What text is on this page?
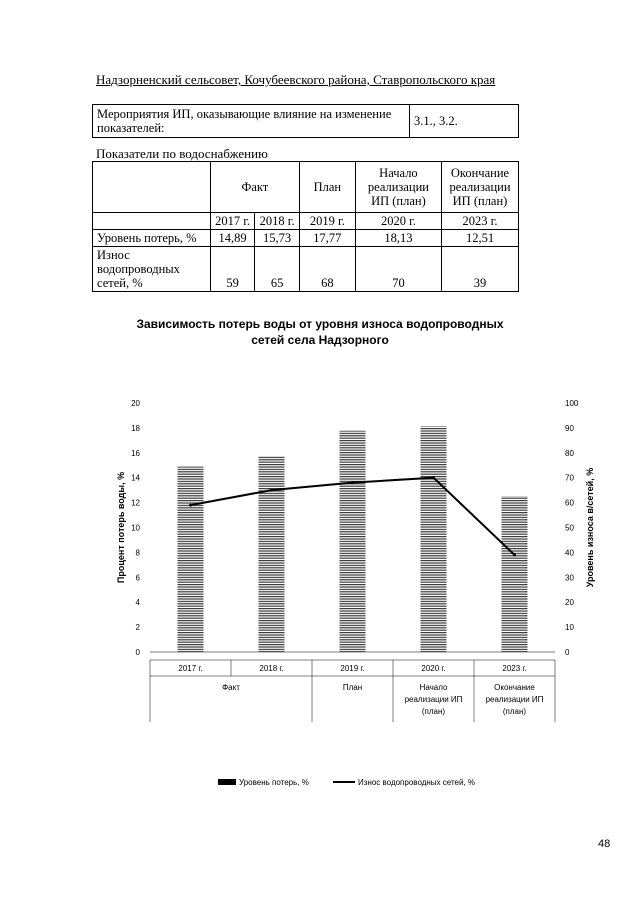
Надзорненский сельсовет, Кочубеевского района, Ставропольского края
Мероприятия ИП, оказывающие влияние на изменение показателей:	3.1., 3.2.
Показатели по водоснабжению
	Факт		План	Начало реализации ИП (план)	Окончание реализации ИП (план)
	2017 г.	2018 г.	2019 г.	2020 г.	2023 г.
Уровень потерь, %	14,89	15,73	17,77	18,13	12,51
Износ водопроводных сетей, %	59	65	68	70	39
Зависимость потерь воды от уровня износа водопроводных сетей села Надзорного
0
2
4
6
8
10
12
14
16
18
20
0
10
20
30
40
50
60
70
80
90
100
Процент потерь воды, %	Уровень износа в/сетей, %
2017 г.	2018 г.	2019 г.	2020 г.	2023 г.
Факт	План	Начало
реализации ИП
(план)
Окончание
реализации ИП
(план)
Уровень потерь, %	Износ водопроводных сетей, %
48
